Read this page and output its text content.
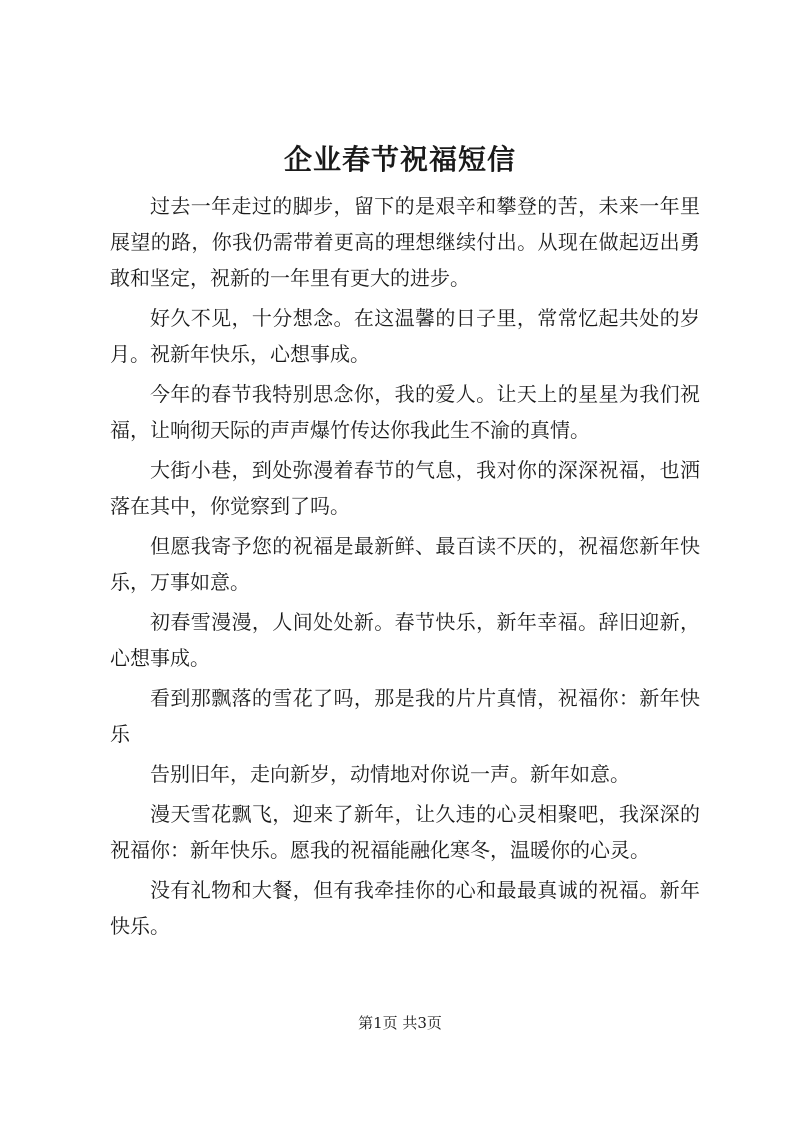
企业春节祝福短信

过去一年走过的脚步，留下的是艰辛和攀登的苦，未来一年里展望的路，你我仍需带着更高的理想继续付出。从现在做起迈出勇敢和坚定，祝新的一年里有更大的进步。

好久不见，十分想念。在这温馨的日子里，常常忆起共处的岁月。祝新年快乐，心想事成。

今年的春节我特别思念你，我的爱人。让天上的星星为我们祝福，让响彻天际的声声爆竹传达你我此生不渝的真情。

大街小巷，到处弥漫着春节的气息，我对你的深深祝福，也洒落在其中，你觉察到了吗。

但愿我寄予您的祝福是最新鲜、最百读不厌的，祝福您新年快乐，万事如意。

初春雪漫漫，人间处处新。春节快乐，新年幸福。辞旧迎新，心想事成。

看到那飘落的雪花了吗，那是我的片片真情，祝福你：新年快乐

告别旧年，走向新岁，动情地对你说一声。新年如意。

漫天雪花飘飞，迎来了新年，让久违的心灵相聚吧，我深深的祝福你：新年快乐。愿我的祝福能融化寒冬，温暖你的心灵。

没有礼物和大餐，但有我牵挂你的心和最最真诚的祝福。新年快乐。

第1页 共3页
